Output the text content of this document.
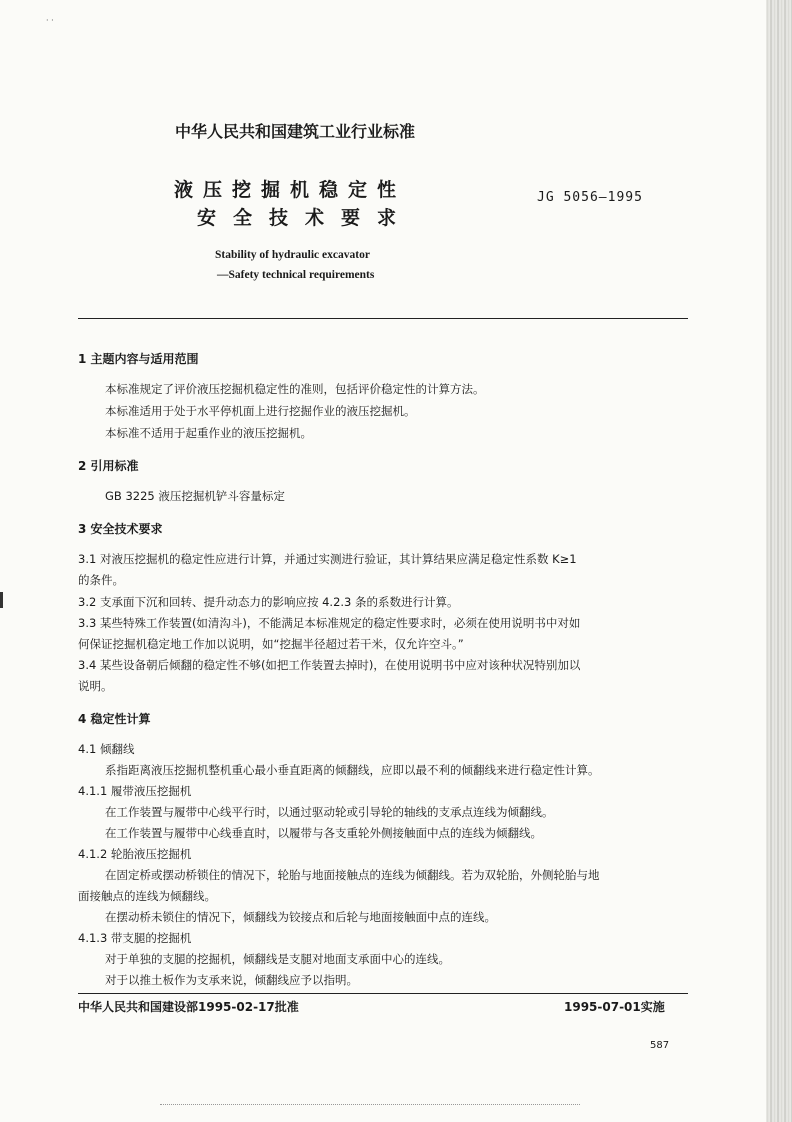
· ·
中华人民共和国建筑工业行业标准
液压挖掘机稳定性
安全技术要求
JG 5056—1995
Stability of hydraulic excavator
—Safety technical requirements
1 主题内容与适用范围
本标准规定了评价液压挖掘机稳定性的准则，包括评价稳定性的计算方法。
本标准适用于处于水平停机面上进行挖掘作业的液压挖掘机。
本标准不适用于起重作业的液压挖掘机。
2 引用标准
GB 3225 液压挖掘机铲斗容量标定
3 安全技术要求
3.1 对液压挖掘机的稳定性应进行计算，并通过实测进行验证，其计算结果应满足稳定性系数 K≥1
的条件。
3.2 支承面下沉和回转、提升动态力的影响应按 4.2.3 条的系数进行计算。
3.3 某些特殊工作装置(如清沟斗)，不能满足本标准规定的稳定性要求时，必须在使用说明书中对如
何保证挖掘机稳定地工作加以说明，如“挖掘半径超过若干米，仅允许空斗。”
3.4 某些设备朝后倾翻的稳定性不够(如把工作装置去掉时)，在使用说明书中应对该种状况特别加以
说明。
4 稳定性计算
4.1 倾翻线
系指距离液压挖掘机整机重心最小垂直距离的倾翻线，应即以最不利的倾翻线来进行稳定性计算。
4.1.1 履带液压挖掘机
在工作装置与履带中心线平行时，以通过驱动轮或引导轮的轴线的支承点连线为倾翻线。
在工作装置与履带中心线垂直时，以履带与各支重轮外侧接触面中点的连线为倾翻线。
4.1.2 轮胎液压挖掘机
在固定桥或摆动桥锁住的情况下，轮胎与地面接触点的连线为倾翻线。若为双轮胎，外侧轮胎与地
面接触点的连线为倾翻线。
在摆动桥未锁住的情况下，倾翻线为铰接点和后轮与地面接触面中点的连线。
4.1.3 带支腿的挖掘机
对于单独的支腿的挖掘机，倾翻线是支腿对地面支承面中心的连线。
对于以推土板作为支承来说，倾翻线应予以指明。
中华人民共和国建设部1995-02-17批准	1995-07-01实施
587
